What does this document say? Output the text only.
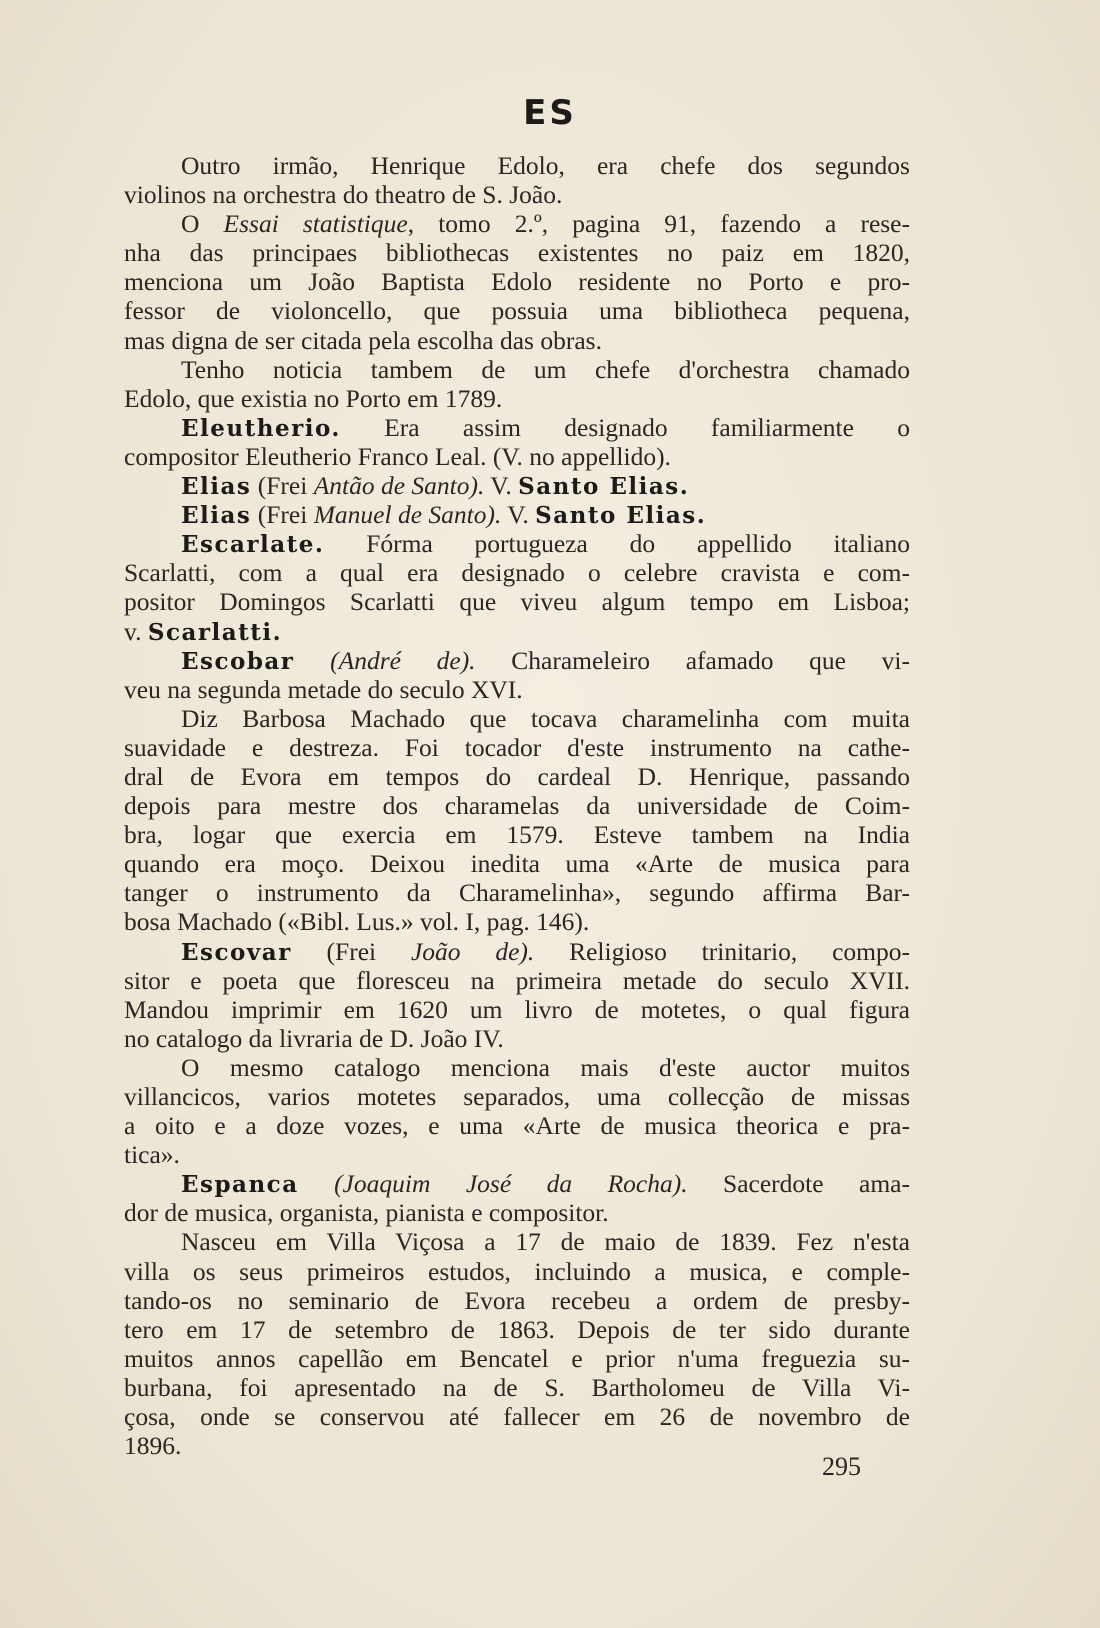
ES
Outro irmão, Henrique Edolo, era chefe dos segundos
violinos na orchestra do theatro de S. João.
O Essai statistique, tomo 2.º, pagina 91, fazendo a rese-
nha das principaes bibliothecas existentes no paiz em 1820,
menciona um João Baptista Edolo residente no Porto e pro-
fessor de violoncello, que possuia uma bibliotheca pequena,
mas digna de ser citada pela escolha das obras.
Tenho noticia tambem de um chefe d'orchestra chamado
Edolo, que existia no Porto em 1789.
Eleutherio. Era assim designado familiarmente o
compositor Eleutherio Franco Leal. (V. no appellido).
Elias (Frei Antão de Santo). V. Santo Elias.
Elias (Frei Manuel de Santo). V. Santo Elias.
Escarlate. Fórma portugueza do appellido italiano
Scarlatti, com a qual era designado o celebre cravista e com-
positor Domingos Scarlatti que viveu algum tempo em Lisboa;
v. Scarlatti.
Escobar (André de). Charameleiro afamado que vi-
veu na segunda metade do seculo XVI.
Diz Barbosa Machado que tocava charamelinha com muita
suavidade e destreza. Foi tocador d'este instrumento na cathe-
dral de Evora em tempos do cardeal D. Henrique, passando
depois para mestre dos charamelas da universidade de Coim-
bra, logar que exercia em 1579. Esteve tambem na India
quando era moço. Deixou inedita uma «Arte de musica para
tanger o instrumento da Charamelinha», segundo affirma Bar-
bosa Machado («Bibl. Lus.» vol. I, pag. 146).
Escovar (Frei João de). Religioso trinitario, compo-
sitor e poeta que floresceu na primeira metade do seculo XVII.
Mandou imprimir em 1620 um livro de motetes, o qual figura
no catalogo da livraria de D. João IV.
O mesmo catalogo menciona mais d'este auctor muitos
villancicos, varios motetes separados, uma collecção de missas
a oito e a doze vozes, e uma «Arte de musica theorica e pra-
tica».
Espanca (Joaquim José da Rocha). Sacerdote ama-
dor de musica, organista, pianista e compositor.
Nasceu em Villa Viçosa a 17 de maio de 1839. Fez n'esta
villa os seus primeiros estudos, incluindo a musica, e comple-
tando-os no seminario de Evora recebeu a ordem de presby-
tero em 17 de setembro de 1863. Depois de ter sido durante
muitos annos capellão em Bencatel e prior n'uma freguezia su-
burbana, foi apresentado na de S. Bartholomeu de Villa Vi-
çosa, onde se conservou até fallecer em 26 de novembro de
1896.
295
